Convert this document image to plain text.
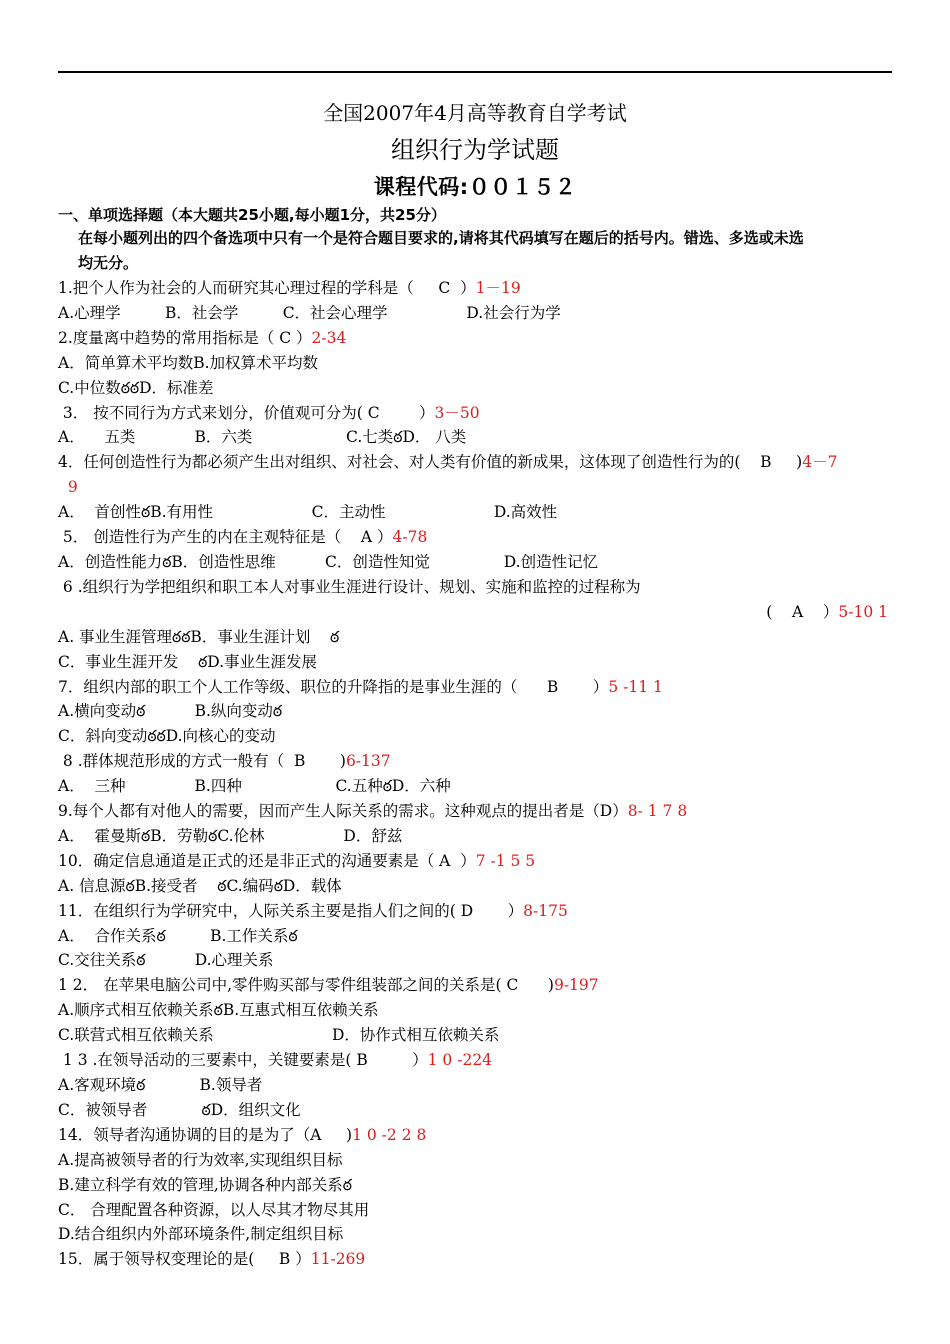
全国2007年4月高等教育自学考试
组织行为学试题
课程代码:００１５２
一、单项选择题（本大题共25小题,每小题1分，共25分）
在每小题列出的四个备选项中只有一个是符合题目要求的,请将其代码填写在题后的括号内。错选、多选或未选
均无分。
1.把个人作为社会的人而研究其心理过程的学科是（     C  ）1－19
A.心理学         B．社会学         C．社会心理学                D.社会行为学
2.度量离中趋势的常用指标是（ C ）2-34
A．简单算术平均数B.加权算术平均数
C.中位数ఠఠD．标准差
3． 按不同行为方式来划分，价值观可分为( C        ）3－50
A．    五类            B．六类                   C.七类ఠD． 八类
4．任何创造性行为都必须产生出对组织、对社会、对人类有价值的新成果，这体现了创造性行为的(    B     )4－7
9
A．  首创性ఠB.有用性                    C．主动性                      D.高效性
5． 创造性行为产生的内在主观特征是（    A ）4-78
A．创造性能力ఠB．创造性思维          C．创造性知觉               D.创造性记忆
6 .组织行为学把组织和职工本人对事业生涯进行设计、规划、实施和监控的过程称为
(    A    ）5-10 1
A. 事业生涯管理ఠఠB．事业生涯计划    ఠ
C．事业生涯开发    ఠD.事业生涯发展
7．组织内部的职工个人工作等级、职位的升降指的是事业生涯的（      B       ）5 -11 1
A.横向变动ఠ          B.纵向变动ఠ
C．斜向变动ఠఠD.向核心的变动
8 .群体规范形成的方式一般有（  B       )6-137
A．  三种              B.四种                   C.五种ఠD．六种
9.每个人都有对他人的需要，因而产生人际关系的需求。这种观点的提出者是（D）8- 1 7 8
A．  霍曼斯ఠB．劳勒ఠC.伦林                D．舒兹
10．确定信息通道是正式的还是非正式的沟通要素是（ A  ）7 -1 5 5
A. 信息源ఠB.接受者    ఠC.编码ఠD．载体
11．在组织行为学研究中，人际关系主要是指人们之间的( D       ）8-175
A．  合作关系ఠ         B.工作关系ఠ
C.交往关系ఠ          D.心理关系
1 2． 在苹果电脑公司中,零件购买部与零件组装部之间的关系是( C      )9-197
A.顺序式相互依赖关系ఠB.互惠式相互依赖关系
C.联营式相互依赖关系                        D．协作式相互依赖关系
1 3 .在领导活动的三要素中，关键要素是( B         ）1 0 -224
A.客观环境ఠ           B.领导者
C．被领导者           ఠD．组织文化
14．领导者沟通协调的目的是为了（A     )1 0 -2 2 8
A.提高被领导者的行为效率,实现组织目标
B.建立科学有效的管理,协调各种内部关系ఠ
C． 合理配置各种资源，以人尽其才物尽其用
D.结合组织内外部环境条件,制定组织目标
15．属于领导权变理论的是(     B ）11-269
